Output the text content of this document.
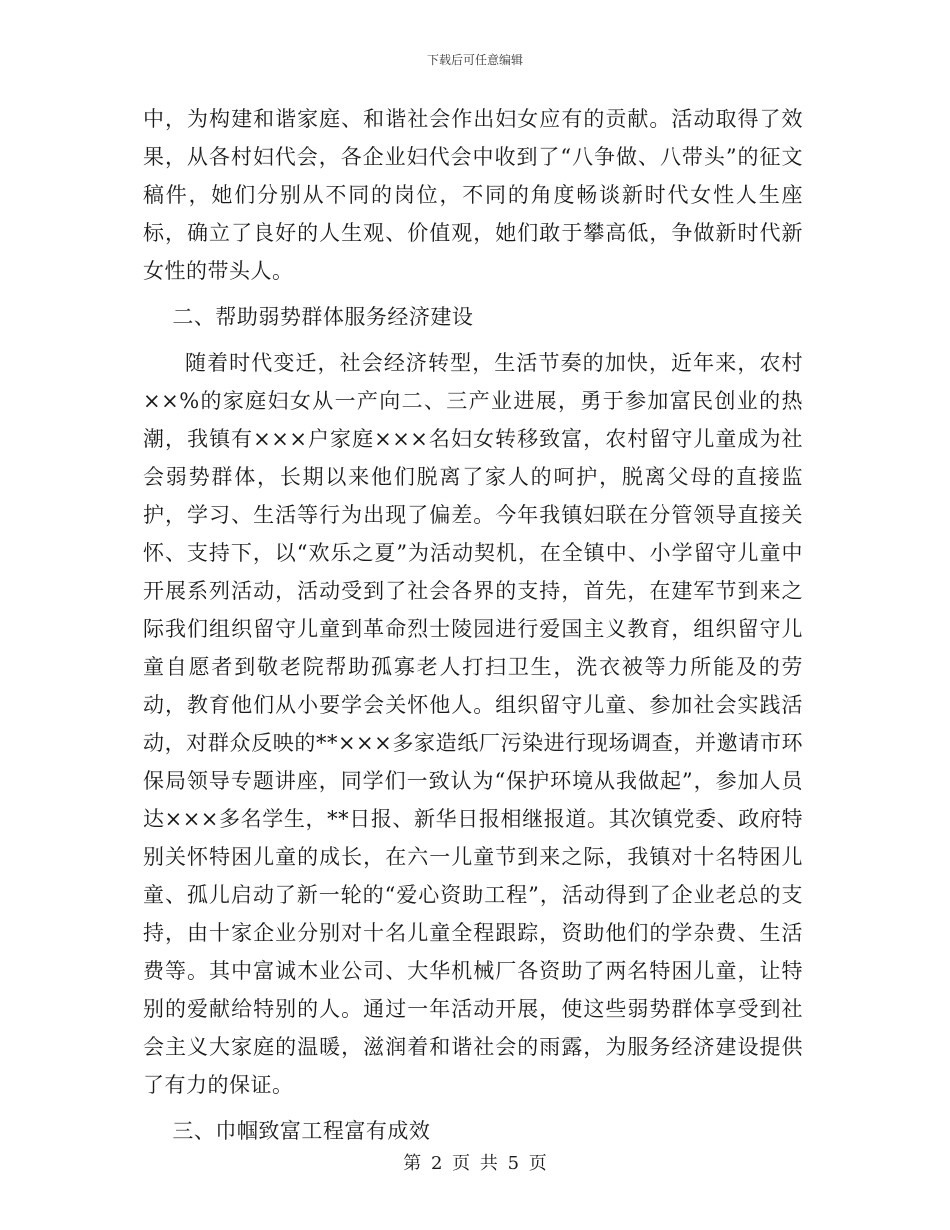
下载后可任意编辑

中，为构建和谐家庭、和谐社会作出妇女应有的贡献。活动取得了效果，从各村妇代会，各企业妇代会中收到了“八争做、八带头”的征文稿件，她们分别从不同的岗位，不同的角度畅谈新时代女性人生座标，确立了良好的人生观、价值观，她们敢于攀高低，争做新时代新女性的带头人。

二、帮助弱势群体服务经济建设

随着时代变迁，社会经济转型，生活节奏的加快，近年来，农村××%的家庭妇女从一产向二、三产业进展，勇于参加富民创业的热潮，我镇有×××户家庭×××名妇女转移致富，农村留守儿童成为社会弱势群体，长期以来他们脱离了家人的呵护，脱离父母的直接监护，学习、生活等行为出现了偏差。今年我镇妇联在分管领导直接关怀、支持下，以“欢乐之夏”为活动契机，在全镇中、小学留守儿童中开展系列活动，活动受到了社会各界的支持，首先，在建军节到来之际我们组织留守儿童到革命烈士陵园进行爱国主义教育，组织留守儿童自愿者到敬老院帮助孤寡老人打扫卫生，洗衣被等力所能及的劳动，教育他们从小要学会关怀他人。组织留守儿童、参加社会实践活动，对群众反映的**×××多家造纸厂污染进行现场调查，并邀请市环保局领导专题讲座，同学们一致认为“保护环境从我做起”，参加人员达×××多名学生，**日报、新华日报相继报道。其次镇党委、政府特别关怀特困儿童的成长，在六一儿童节到来之际，我镇对十名特困儿童、孤儿启动了新一轮的“爱心资助工程”，活动得到了企业老总的支持，由十家企业分别对十名儿童全程跟踪，资助他们的学杂费、生活费等。其中富诚木业公司、大华机械厂各资助了两名特困儿童，让特别的爱献给特别的人。通过一年活动开展，使这些弱势群体享受到社会主义大家庭的温暖，滋润着和谐社会的雨露，为服务经济建设提供了有力的保证。

三、巾帼致富工程富有成效

第 2 页 共 5 页
